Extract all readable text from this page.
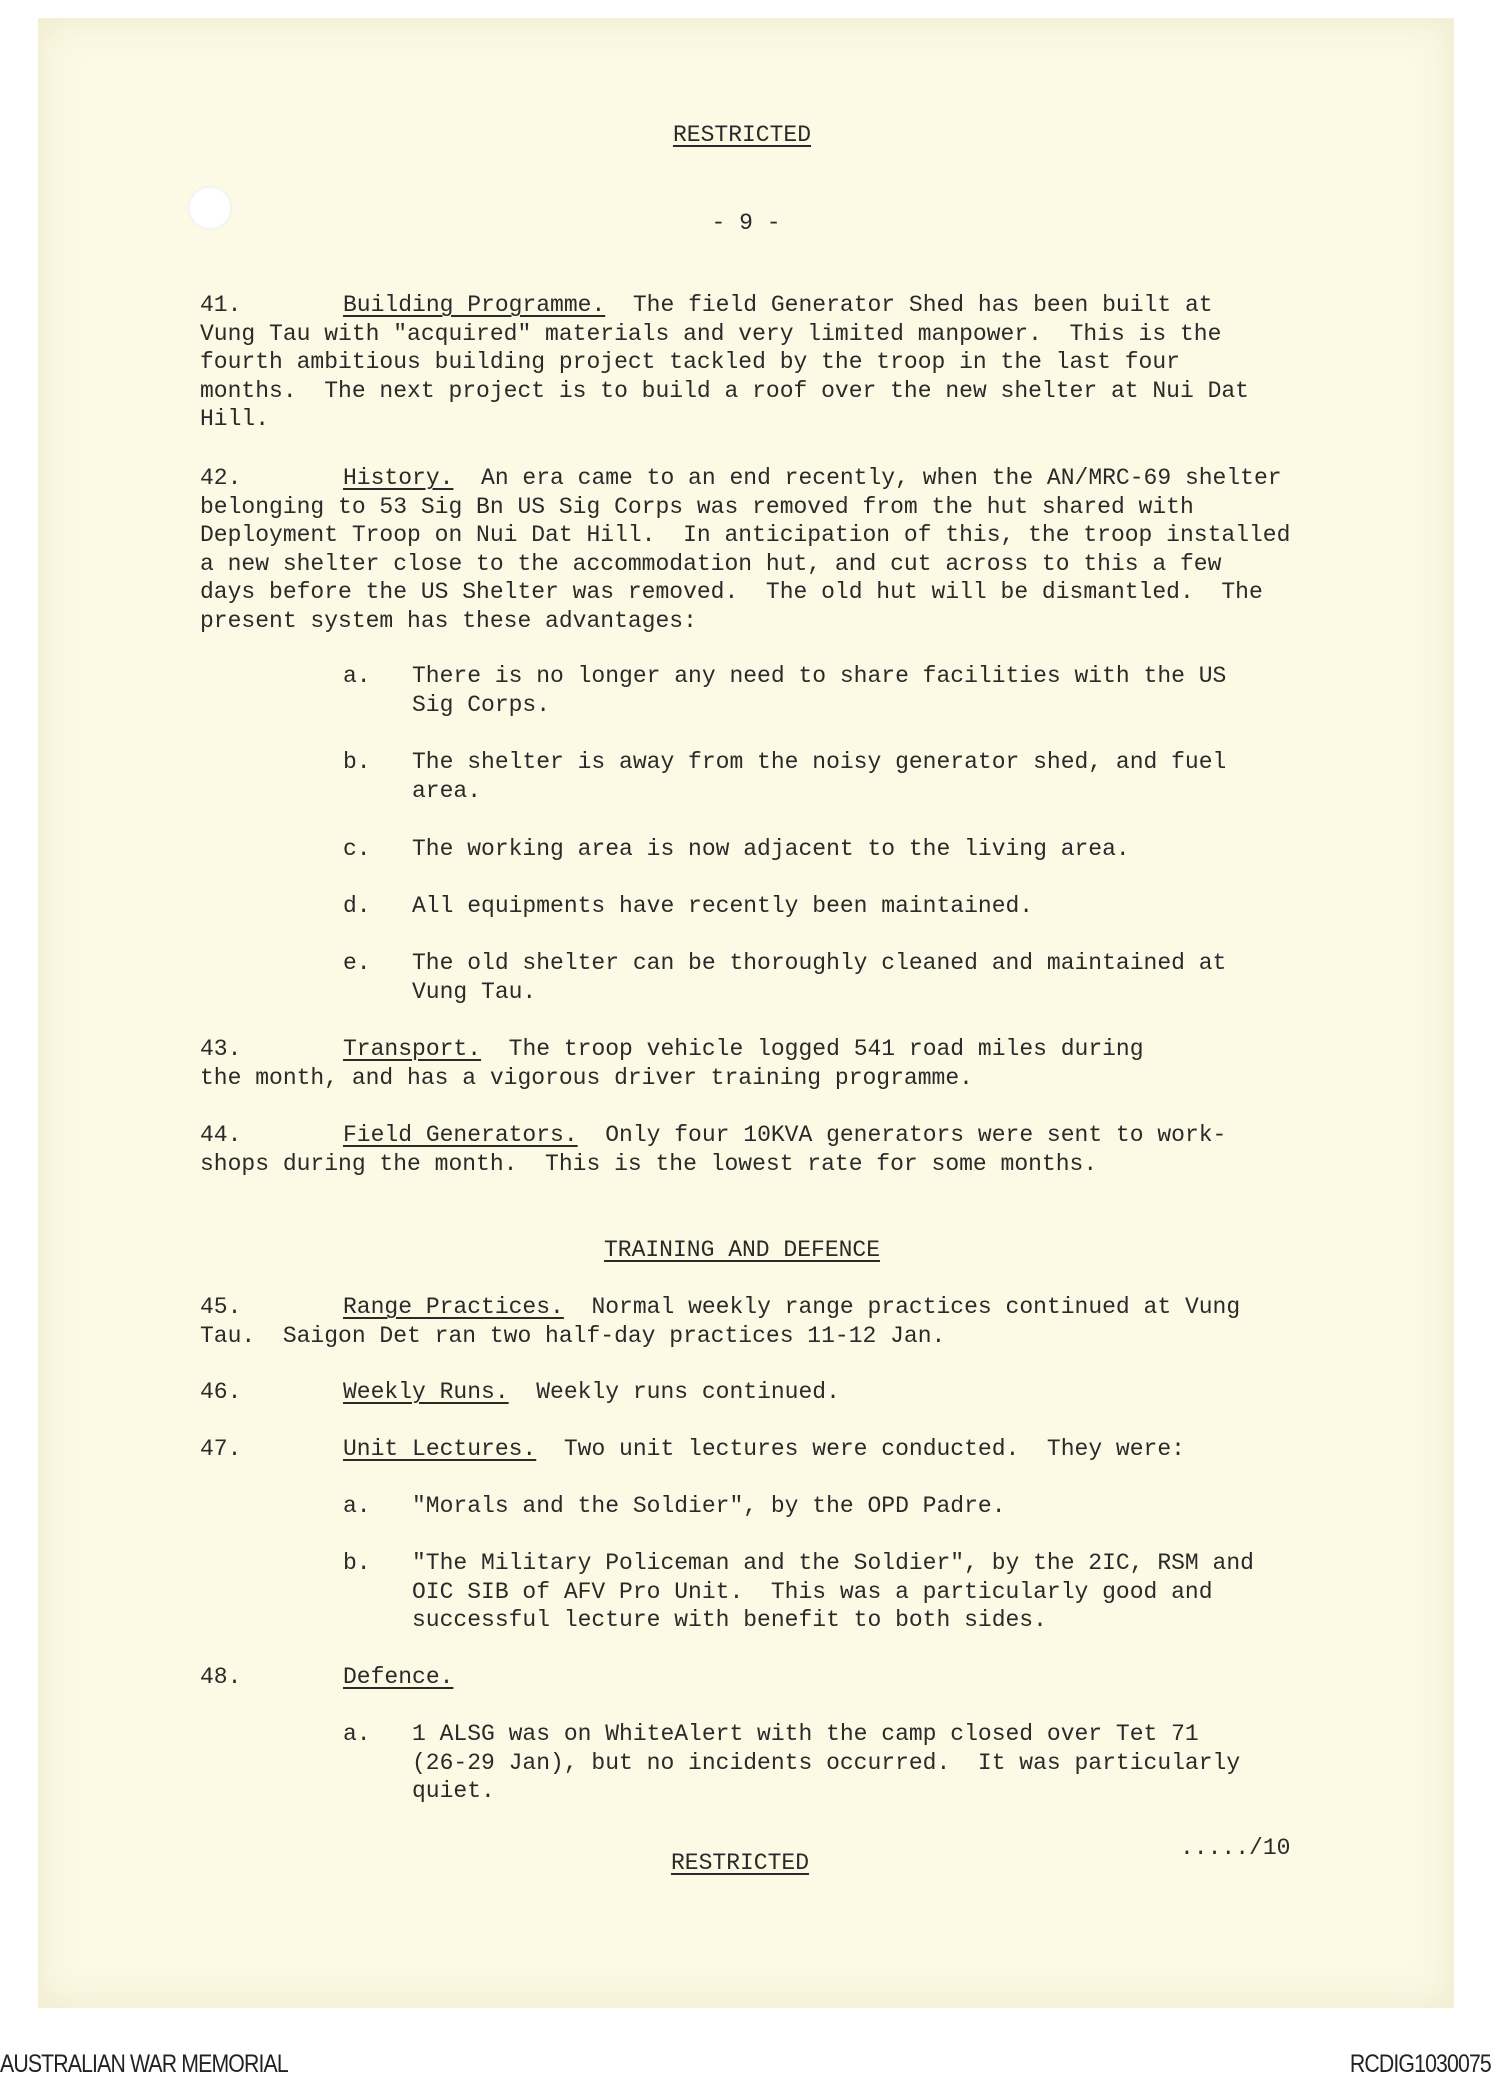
RESTRICTED
- 9 -
41.	Building Programme.  The field Generator Shed has been built at
Vung Tau with "acquired" materials and very limited manpower.  This is the
fourth ambitious building project tackled by the troop in the last four
months.  The next project is to build a roof over the new shelter at Nui Dat
Hill.
42.	History.  An era came to an end recently, when the AN/MRC-69 shelter
belonging to 53 Sig Bn US Sig Corps was removed from the hut shared with
Deployment Troop on Nui Dat Hill.  In anticipation of this, the troop installed
a new shelter close to the accommodation hut, and cut across to this a few
days before the US Shelter was removed.  The old hut will be dismantled.  The
present system has these advantages:
a. There is no longer any need to share facilities with the US
Sig Corps.
b. The shelter is away from the noisy generator shed, and fuel
area.
c. The working area is now adjacent to the living area.
d. All equipments have recently been maintained.
e. The old shelter can be thoroughly cleaned and maintained at
Vung Tau.
43.	Transport.  The troop vehicle logged 541 road miles during
the month, and has a vigorous driver training programme.
44.	Field Generators.  Only four 10KVA generators were sent to work-
shops during the month.  This is the lowest rate for some months.
TRAINING AND DEFENCE
45.	Range Practices.  Normal weekly range practices continued at Vung
Tau.  Saigon Det ran two half-day practices 11-12 Jan.
46.	Weekly Runs.  Weekly runs continued.
47.	Unit Lectures.  Two unit lectures were conducted.  They were:
a. "Morals and the Soldier", by the OPD Padre.
b. "The Military Policeman and the Soldier", by the 2IC, RSM and
OIC SIB of AFV Pro Unit.  This was a particularly good and
successful lecture with benefit to both sides.
48.	Defence.
a. 1 ALSG was on WhiteAlert with the camp closed over Tet 71
(26-29 Jan), but no incidents occurred.  It was particularly
quiet.
RESTRICTED
...../10
AUSTRALIAN WAR MEMORIAL	RCDIG1030075
